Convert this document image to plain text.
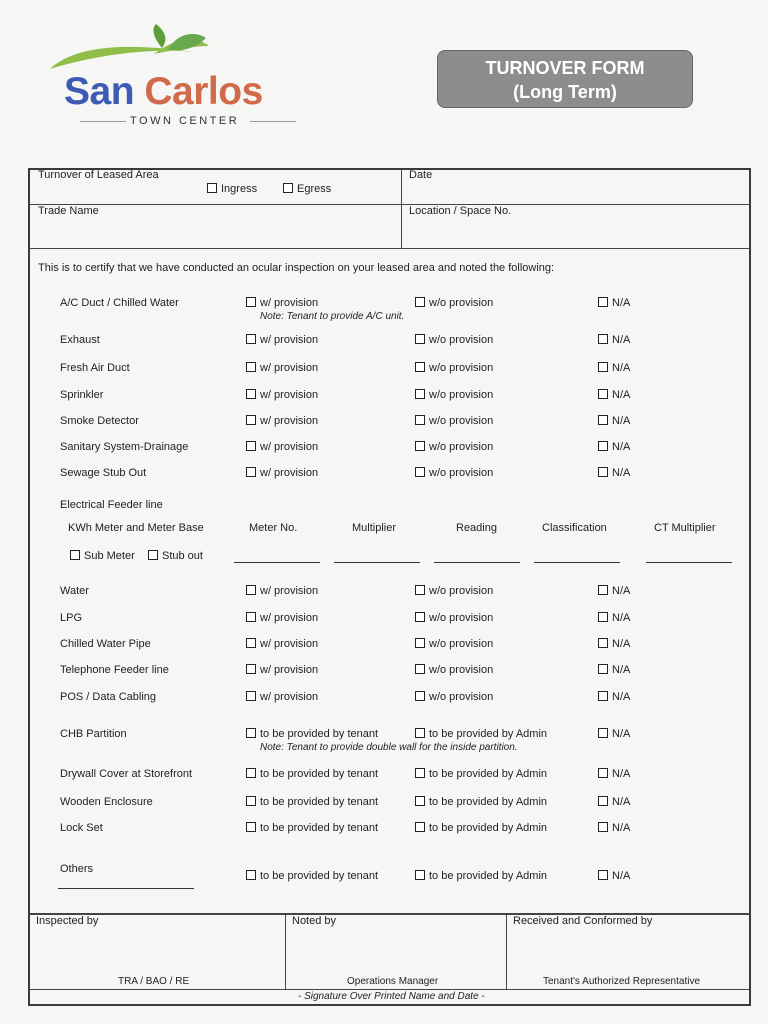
San Carlos
TOWN CENTER
TURNOVER FORM
(Long Term)
Turnover of Leased Area
Ingress	Egress
Date
Trade Name	Location / Space No.
This is to certify that we have conducted an ocular inspection on your leased area and noted the following:
A/C Duct / Chilled Water	w/ provision	w/o provision	N/A
Note: Tenant to provide A/C unit.
Exhaust	w/ provision	w/o provision	N/A
Fresh Air Duct	w/ provision	w/o provision	N/A
Sprinkler	w/ provision	w/o provision	N/A
Smoke Detector	w/ provision	w/o provision	N/A
Sanitary System-Drainage	w/ provision	w/o provision	N/A
Sewage Stub Out	w/ provision	w/o provision	N/A
Electrical Feeder line
KWh Meter and Meter Base	Meter No.	Multiplier	Reading	Classification	CT Multiplier
Sub Meter	Stub out
Water	w/ provision	w/o provision	N/A
LPG	w/ provision	w/o provision	N/A
Chilled Water Pipe	w/ provision	w/o provision	N/A
Telephone Feeder line	w/ provision	w/o provision	N/A
POS / Data Cabling	w/ provision	w/o provision	N/A
CHB Partition	to be provided by tenant	to be provided by Admin	N/A
Note: Tenant to provide double wall for the inside partition.
Drywall Cover at Storefront	to be provided by tenant	to be provided by Admin	N/A
Wooden Enclosure	to be provided by tenant	to be provided by Admin	N/A
Lock Set	to be provided by tenant	to be provided by Admin	N/A
Others
to be provided by tenant	to be provided by Admin	N/A
Inspected by	Noted by	Received and Conformed by
TRA / BAO / RE	Operations Manager	Tenant's Authorized Representative
- Signature Over Printed Name and Date -
